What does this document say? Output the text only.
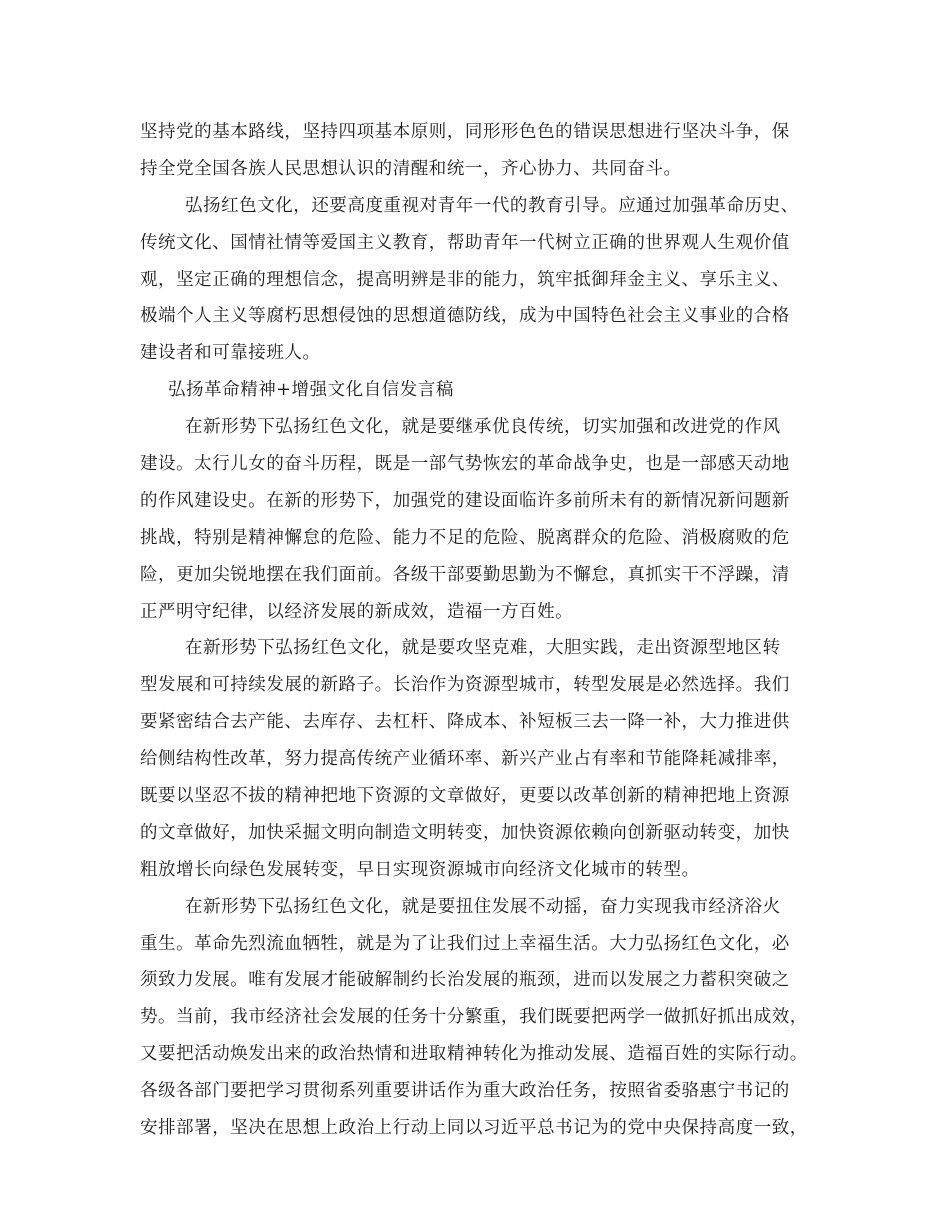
坚持党的基本路线，坚持四项基本原则，同形形色色的错误思想进行坚决斗争，保
持全党全国各族人民思想认识的清醒和统一，齐心协力、共同奋斗。
弘扬红色文化，还要高度重视对青年一代的教育引导。应通过加强革命历史、
传统文化、国情社情等爱国主义教育，帮助青年一代树立正确的世界观人生观价值
观，坚定正确的理想信念，提高明辨是非的能力，筑牢抵御拜金主义、享乐主义、
极端个人主义等腐朽思想侵蚀的思想道德防线，成为中国特色社会主义事业的合格
建设者和可靠接班人。
弘扬革命精神+增强文化自信发言稿
在新形势下弘扬红色文化，就是要继承优良传统，切实加强和改进党的作风
建设。太行儿女的奋斗历程，既是一部气势恢宏的革命战争史，也是一部感天动地
的作风建设史。在新的形势下，加强党的建设面临许多前所未有的新情况新问题新
挑战，特别是精神懈怠的危险、能力不足的危险、脱离群众的危险、消极腐败的危
险，更加尖锐地摆在我们面前。各级干部要勤思勤为不懈怠，真抓实干不浮躁，清
正严明守纪律，以经济发展的新成效，造福一方百姓。
在新形势下弘扬红色文化，就是要攻坚克难，大胆实践，走出资源型地区转
型发展和可持续发展的新路子。长治作为资源型城市，转型发展是必然选择。我们
要紧密结合去产能、去库存、去杠杆、降成本、补短板三去一降一补，大力推进供
给侧结构性改革，努力提高传统产业循环率、新兴产业占有率和节能降耗减排率，
既要以坚忍不拔的精神把地下资源的文章做好，更要以改革创新的精神把地上资源
的文章做好，加快采掘文明向制造文明转变，加快资源依赖向创新驱动转变，加快
粗放增长向绿色发展转变，早日实现资源城市向经济文化城市的转型。
在新形势下弘扬红色文化，就是要扭住发展不动摇，奋力实现我市经济浴火
重生。革命先烈流血牺牲，就是为了让我们过上幸福生活。大力弘扬红色文化，必
须致力发展。唯有发展才能破解制约长治发展的瓶颈，进而以发展之力蓄积突破之
势。当前，我市经济社会发展的任务十分繁重，我们既要把两学一做抓好抓出成效，
又要把活动焕发出来的政治热情和进取精神转化为推动发展、造福百姓的实际行动。
各级各部门要把学习贯彻系列重要讲话作为重大政治任务，按照省委骆惠宁书记的
安排部署，坚决在思想上政治上行动上同以习近平总书记为的党中央保持高度一致，
